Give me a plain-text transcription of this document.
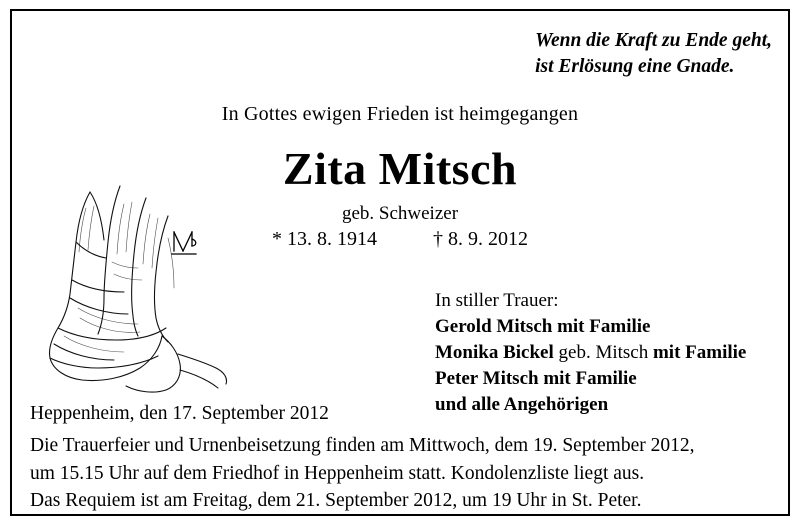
Wenn die Kraft zu Ende geht,
ist Erlösung eine Gnade.
In Gottes ewigen Frieden ist heimgegangen
Zita Mitsch
geb. Schweizer
* 13. 8. 1914	† 8. 9. 2012
In stiller Trauer:
Gerold Mitsch mit Familie
Monika Bickel geb. Mitsch mit Familie
Peter Mitsch mit Familie
und alle Angehörigen
Heppenheim, den 17. September 2012
Die Trauerfeier und Urnenbeisetzung finden am Mittwoch, dem 19. September 2012,
um 15.15 Uhr auf dem Friedhof in Heppenheim statt. Kondolenzliste liegt aus.
Das Requiem ist am Freitag, dem 21. September 2012, um 19 Uhr in St. Peter.
